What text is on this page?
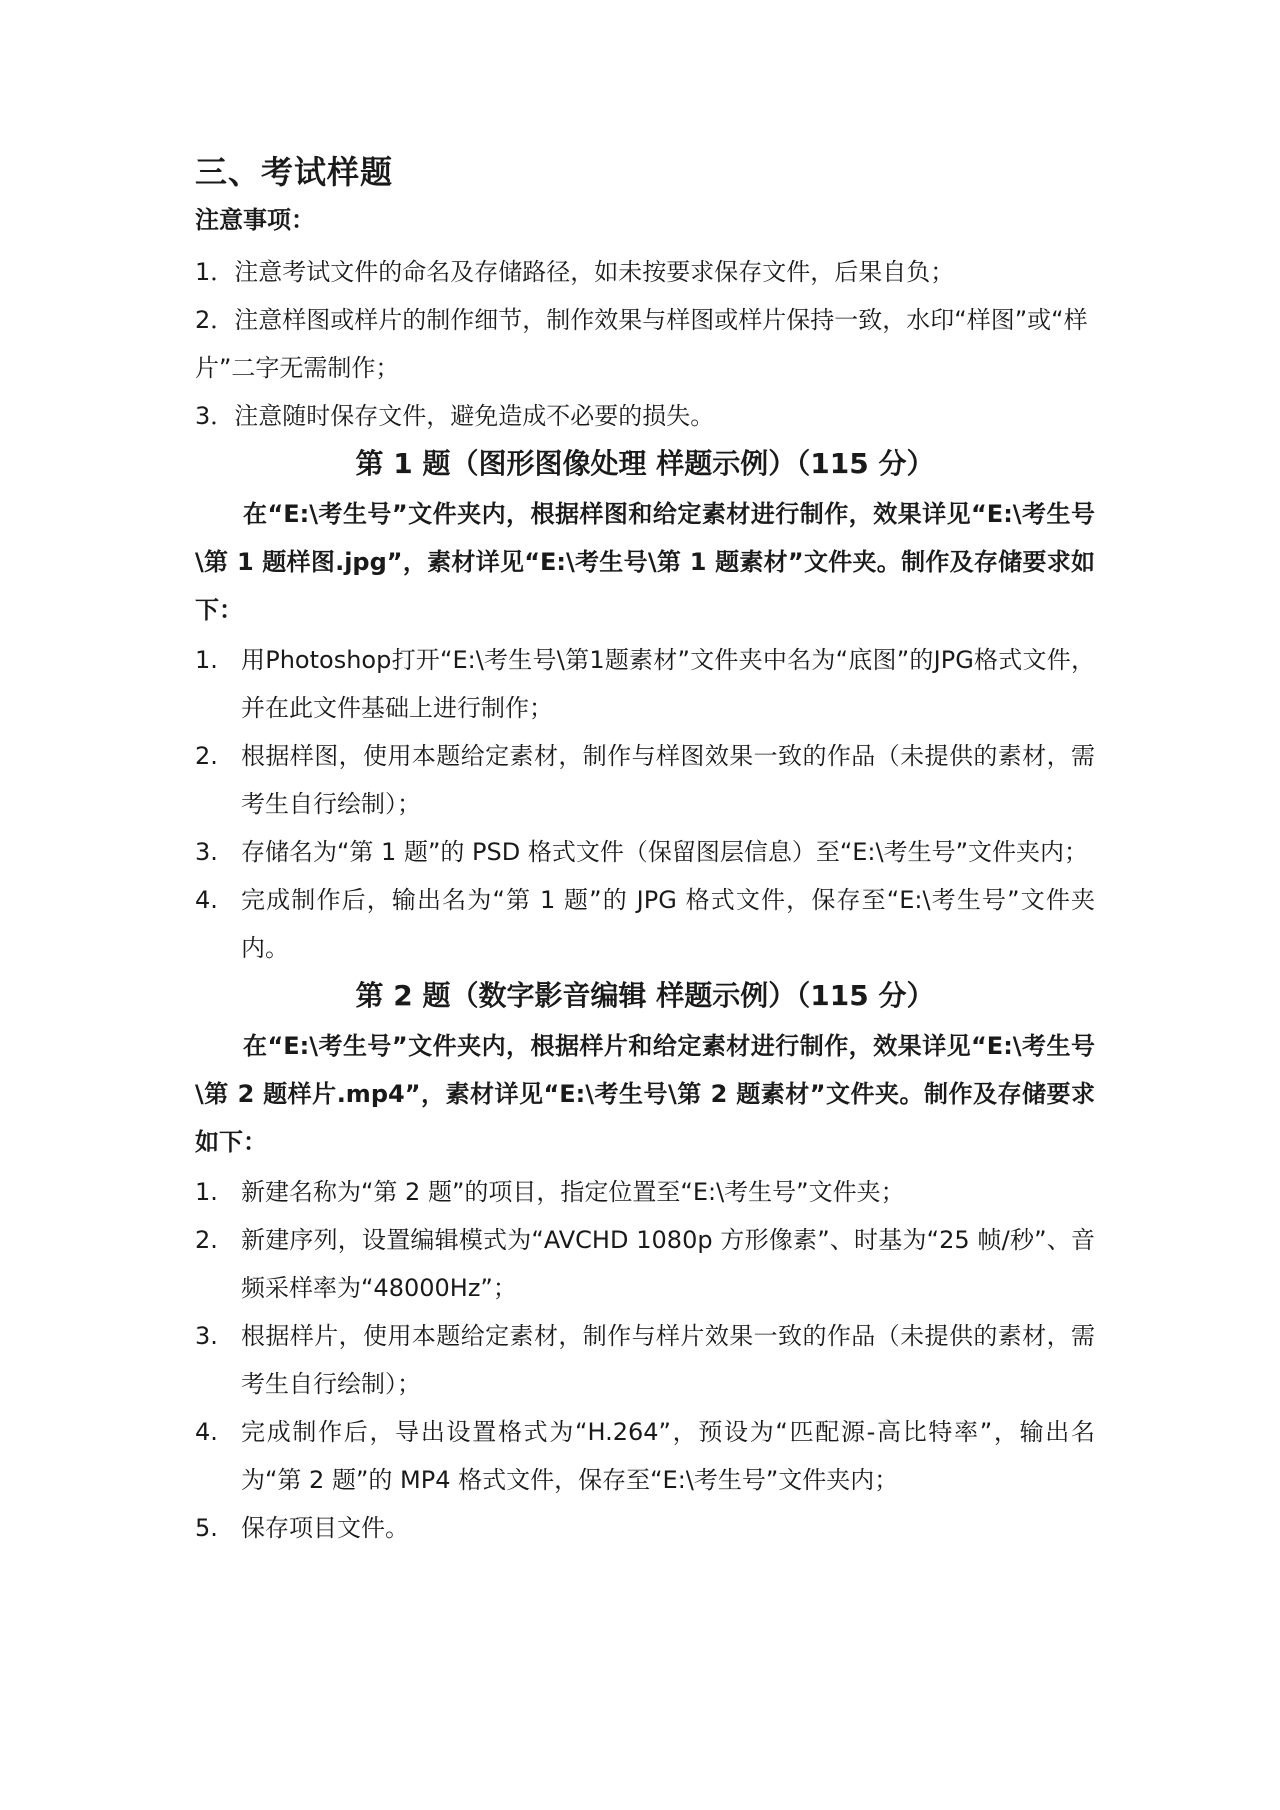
三、考试样题
注意事项：
1．注意考试文件的命名及存储路径，如未按要求保存文件，后果自负；
2．注意样图或样片的制作细节，制作效果与样图或样片保持一致，水印“样图”或“样片”二字无需制作；
3．注意随时保存文件，避免造成不必要的损失。
第 1 题（图形图像处理 样题示例）（115 分）
在“E:\考生号”文件夹内，根据样图和给定素材进行制作，效果详见“E:\考生号\第 1 题样图.jpg”，素材详见“E:\考生号\第 1 题素材”文件夹。制作及存储要求如下：
1. 用Photoshop打开“E:\考生号\第1题素材”文件夹中名为“底图”的JPG格式文件，并在此文件基础上进行制作；
2. 根据样图，使用本题给定素材，制作与样图效果一致的作品（未提供的素材，需考生自行绘制）；
3. 存储名为“第 1 题”的 PSD 格式文件（保留图层信息）至“E:\考生号”文件夹内；
4. 完成制作后，输出名为“第 1 题”的 JPG 格式文件，保存至“E:\考生号”文件夹内。
第 2 题（数字影音编辑 样题示例）（115 分）
在“E:\考生号”文件夹内，根据样片和给定素材进行制作，效果详见“E:\考生号\第 2 题样片.mp4”，素材详见“E:\考生号\第 2 题素材”文件夹。制作及存储要求如下：
1. 新建名称为“第 2 题”的项目，指定位置至“E:\考生号”文件夹；
2. 新建序列，设置编辑模式为“AVCHD 1080p 方形像素”、时基为“25 帧/秒”、音频采样率为“48000Hz”；
3. 根据样片，使用本题给定素材，制作与样片效果一致的作品（未提供的素材，需考生自行绘制）；
4. 完成制作后，导出设置格式为“H.264”，预设为“匹配源-高比特率”，输出名为“第 2 题”的 MP4 格式文件，保存至“E:\考生号”文件夹内；
5. 保存项目文件。
